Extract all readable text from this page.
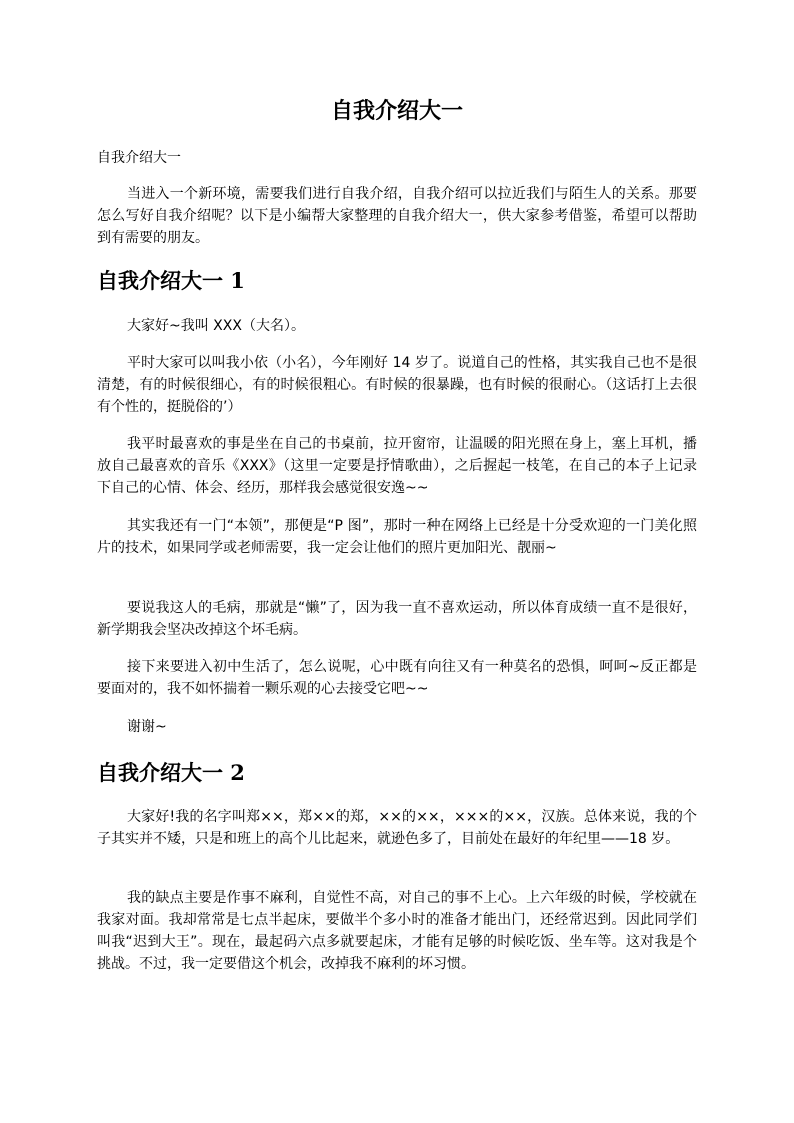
自我介绍大一

自我介绍大一

当进入一个新环境，需要我们进行自我介绍，自我介绍可以拉近我们与陌生人的关系。那要怎么写好自我介绍呢？以下是小编帮大家整理的自我介绍大一，供大家参考借鉴，希望可以帮助到有需要的朋友。

自我介绍大一 1

大家好~我叫 XXX（大名）。

平时大家可以叫我小依（小名），今年刚好 14 岁了。说道自己的性格，其实我自己也不是很清楚，有的时候很细心，有的时候很粗心。有时候的很暴躁，也有时候的很耐心。（这话打上去很有个性的，挺脱俗的’）

我平时最喜欢的事是坐在自己的书桌前，拉开窗帘，让温暖的阳光照在身上，塞上耳机，播放自己最喜欢的音乐《XXX》（这里一定要是抒情歌曲），之后握起一枝笔，在自己的本子上记录下自己的心情、体会、经历，那样我会感觉很安逸~~

其实我还有一门“本领”，那便是“P 图”，那时一种在网络上已经是十分受欢迎的一门美化照片的技术，如果同学或老师需要，我一定会让他们的照片更加阳光、靓丽~

要说我这人的毛病，那就是“懒”了，因为我一直不喜欢运动，所以体育成绩一直不是很好，新学期我会坚决改掉这个坏毛病。

接下来要进入初中生活了，怎么说呢，心中既有向往又有一种莫名的恐惧，呵呵~反正都是要面对的，我不如怀揣着一颗乐观的心去接受它吧~~

谢谢~

自我介绍大一 2

大家好!我的名字叫郑××，郑××的郑，××的××，×××的××，汉族。总体来说，我的个子其实并不矮，只是和班上的高个儿比起来，就逊色多了，目前处在最好的年纪里——18 岁。

我的缺点主要是作事不麻利，自觉性不高，对自己的事不上心。上六年级的时候，学校就在我家对面。我却常常是七点半起床，要做半个多小时的准备才能出门，还经常迟到。因此同学们叫我“迟到大王”。现在，最起码六点多就要起床，才能有足够的时候吃饭、坐车等。这对我是个挑战。不过，我一定要借这个机会，改掉我不麻利的坏习惯。
